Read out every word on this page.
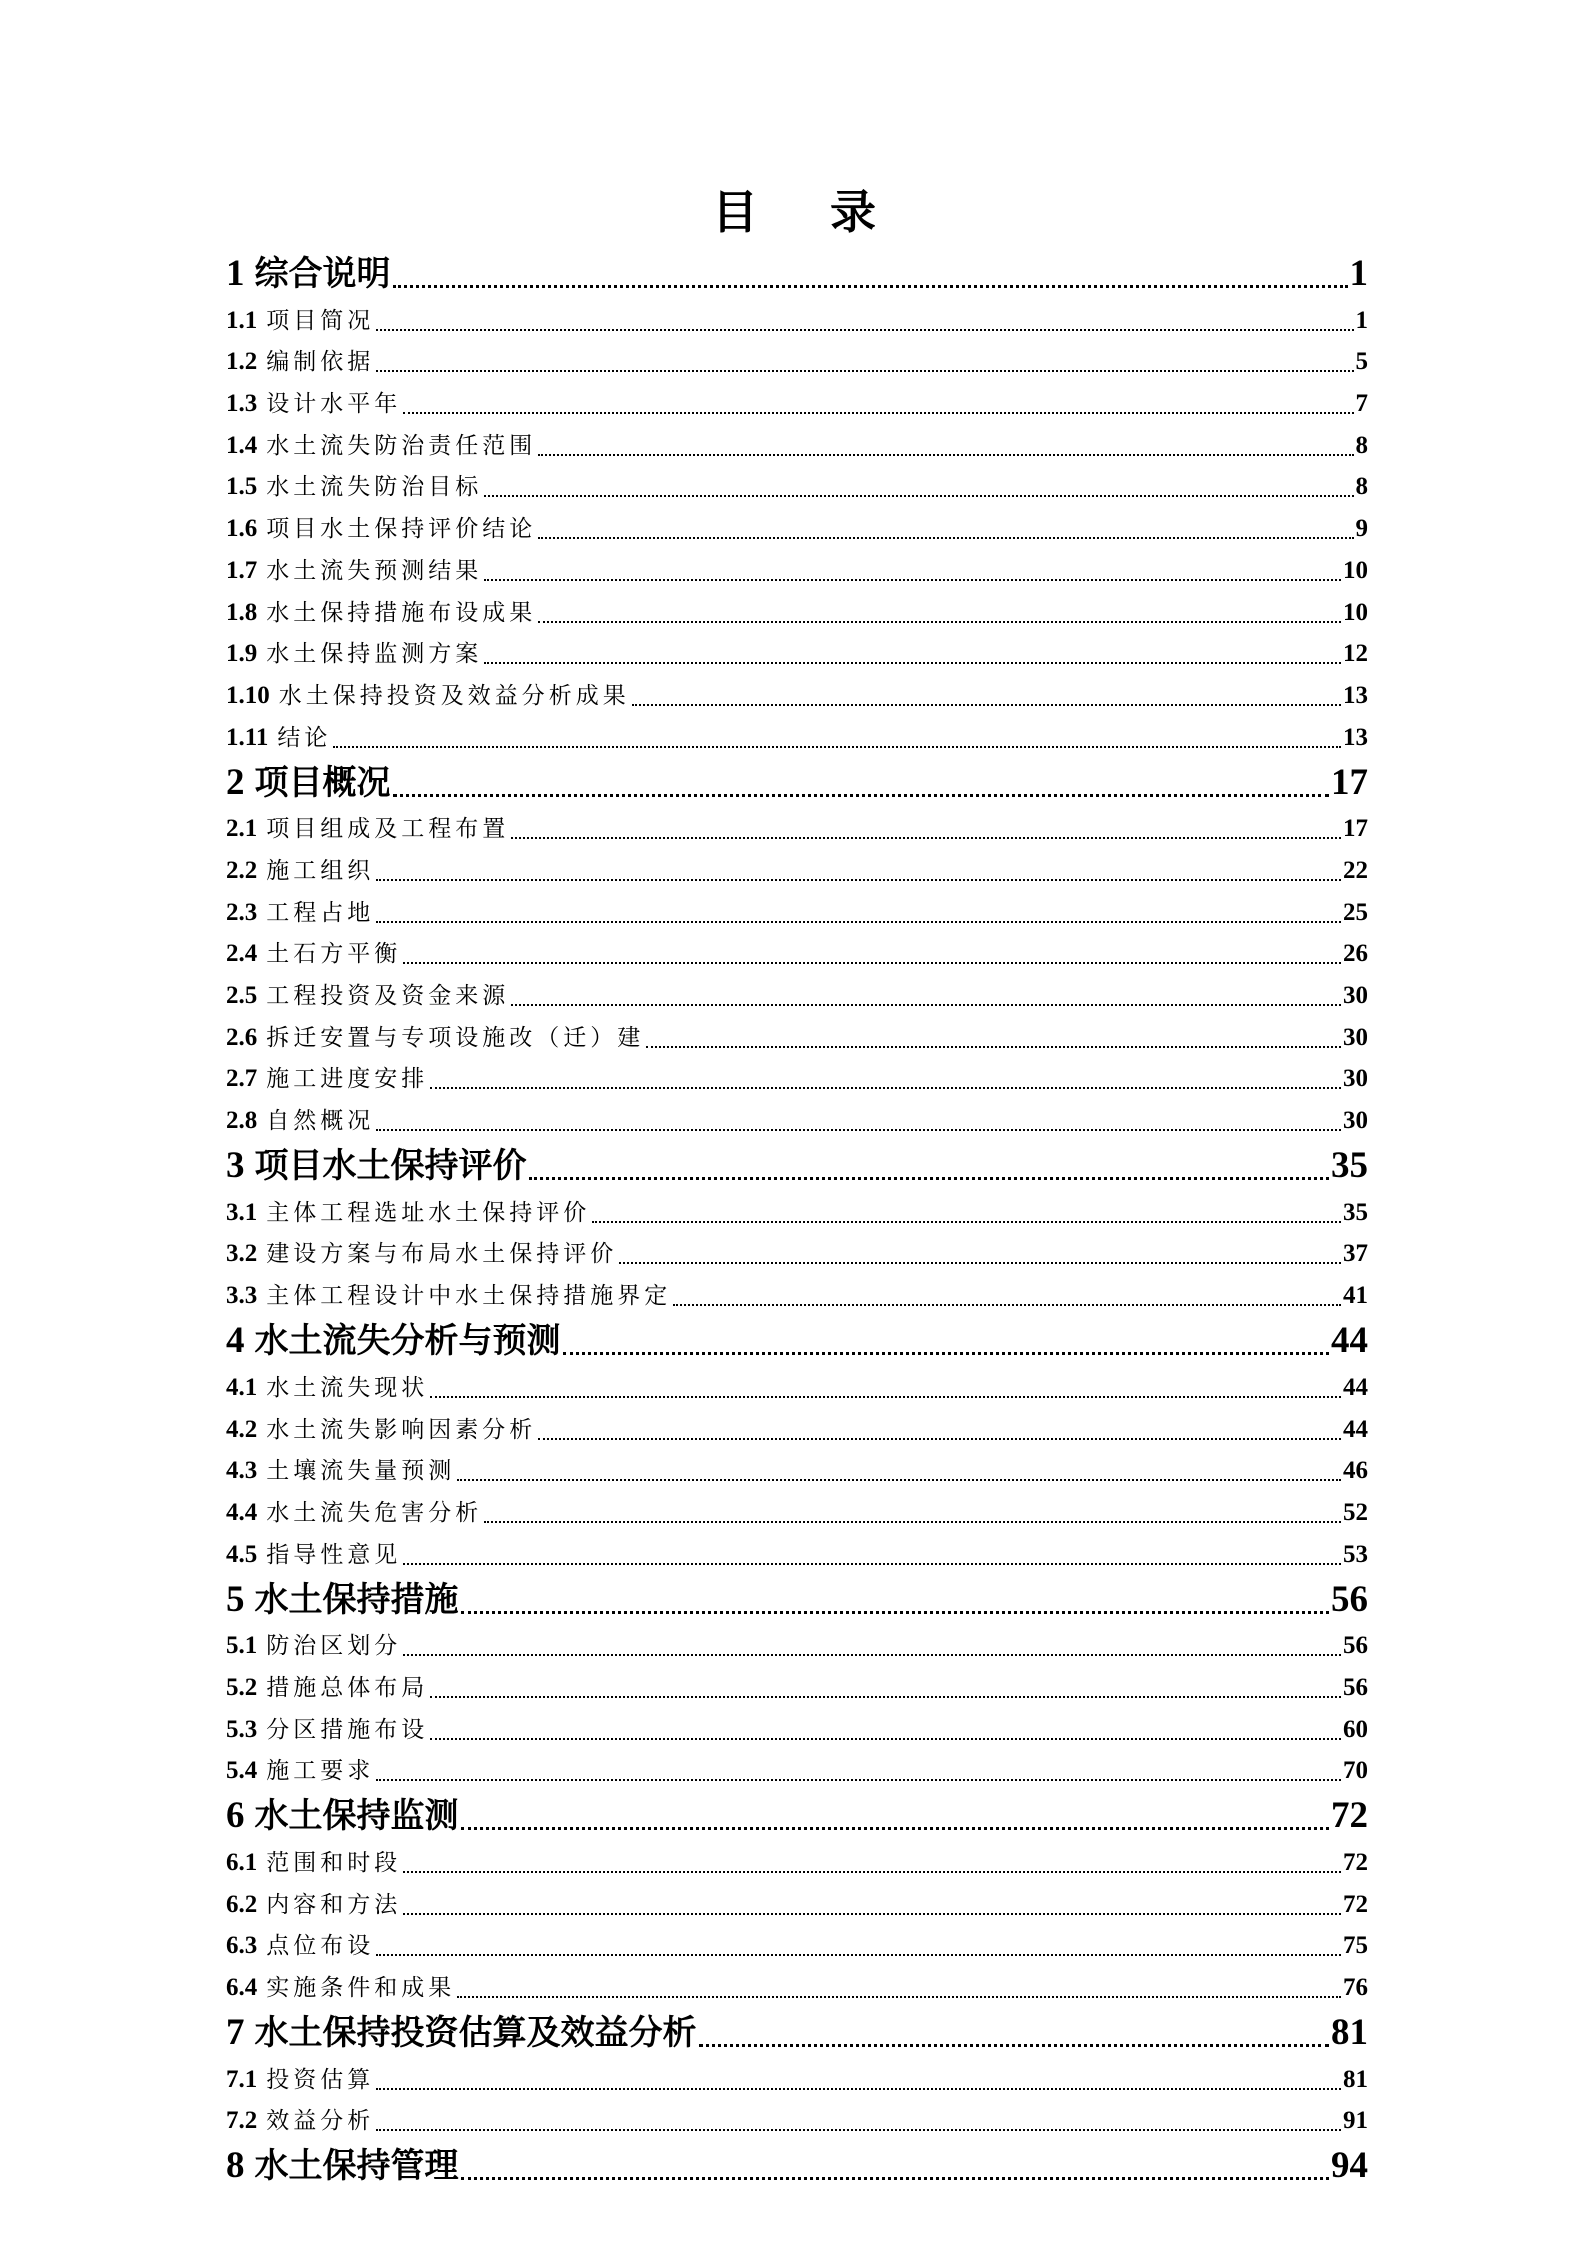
目 录
1 综合说明	1
1.1 项目简况	1
1.2 编制依据	5
1.3 设计水平年	7
1.4 水土流失防治责任范围	8
1.5 水土流失防治目标	8
1.6 项目水土保持评价结论	9
1.7 水土流失预测结果	10
1.8 水土保持措施布设成果	10
1.9 水土保持监测方案	12
1.10 水土保持投资及效益分析成果	13
1.11 结论	13
2 项目概况	17
2.1 项目组成及工程布置	17
2.2 施工组织	22
2.3 工程占地	25
2.4 土石方平衡	26
2.5 工程投资及资金来源	30
2.6 拆迁安置与专项设施改（迁）建	30
2.7 施工进度安排	30
2.8 自然概况	30
3 项目水土保持评价	35
3.1 主体工程选址水土保持评价	35
3.2 建设方案与布局水土保持评价	37
3.3 主体工程设计中水土保持措施界定	41
4 水土流失分析与预测	44
4.1 水土流失现状	44
4.2 水土流失影响因素分析	44
4.3 土壤流失量预测	46
4.4 水土流失危害分析	52
4.5 指导性意见	53
5 水土保持措施	56
5.1 防治区划分	56
5.2 措施总体布局	56
5.3 分区措施布设	60
5.4 施工要求	70
6 水土保持监测	72
6.1 范围和时段	72
6.2 内容和方法	72
6.3 点位布设	75
6.4 实施条件和成果	76
7 水土保持投资估算及效益分析	81
7.1 投资估算	81
7.2 效益分析	91
8 水土保持管理	94
